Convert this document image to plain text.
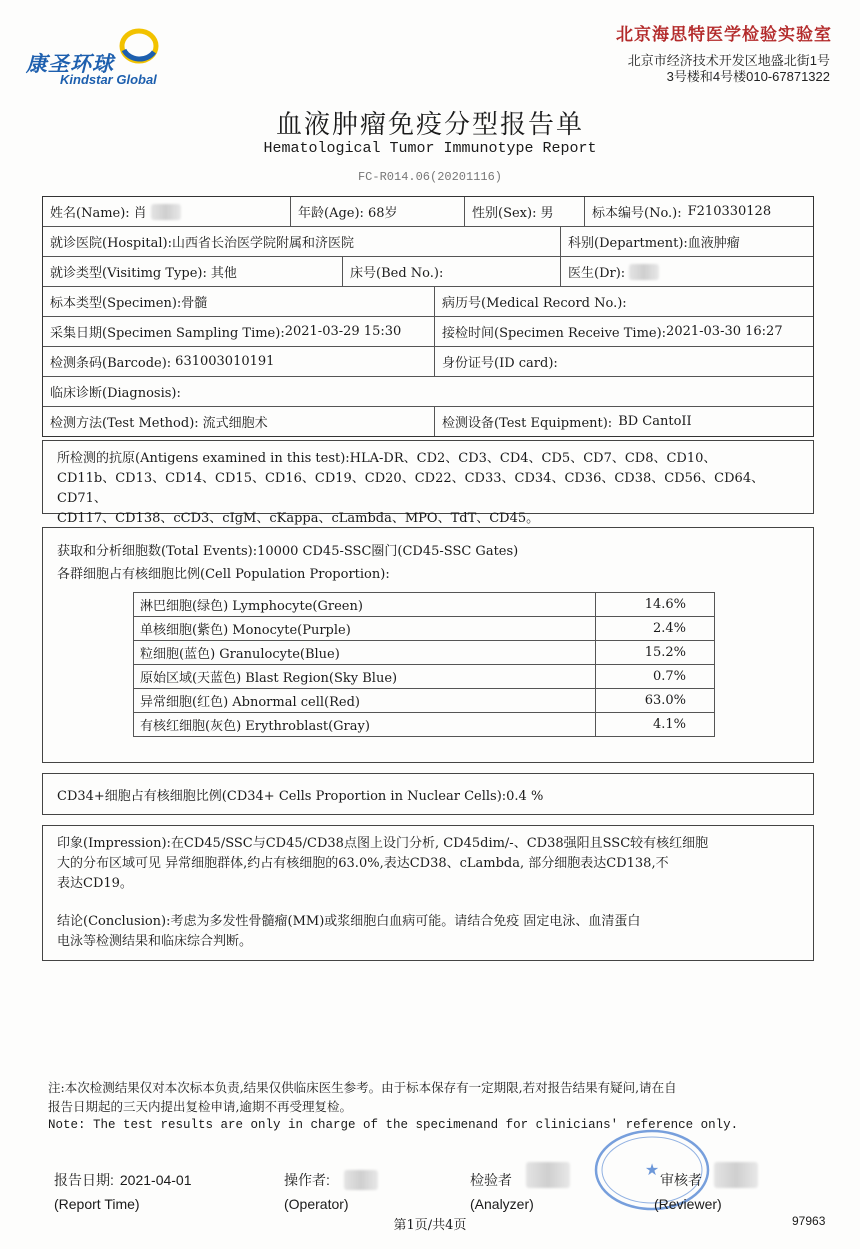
康圣环球
Kindstar Global
北京海思特医学检验实验室
北京市经济技术开发区地盛北街1号
3号楼和4号楼010-67871322
血液肿瘤免疫分型报告单
Hematological Tumor Immunotype Report
FC-R014.06(20201116)
姓名(Name): 肖	年龄(Age): 68岁	性别(Sex): 男	标本编号(No.): F210330128
就诊医院(Hospital): 山西省长治医学院附属和济医院	科别(Department): 血液肿瘤
就诊类型(Visitimg Type): 其他	床号(Bed No.):	医生(Dr):
标本类型(Specimen): 骨髓	病历号(Medical Record No.):
采集日期(Specimen Sampling Time): 2021-03-29 15:30	接检时间(Specimen Receive Time): 2021-03-30 16:27
检测条码(Barcode): 631003010191	身份证号(ID card):
临床诊断(Diagnosis):
检测方法(Test Method): 流式细胞术	检测设备(Test Equipment): BD CantoII
所检测的抗原(Antigens examined in this test):HLA-DR、CD2、CD3、CD4、CD5、CD7、CD8、CD10、
CD11b、CD13、CD14、CD15、CD16、CD19、CD20、CD22、CD33、CD34、CD36、CD38、CD56、CD64、CD71、
CD117、CD138、cCD3、cIgM、cKappa、cLambda、MPO、TdT、CD45。
获取和分析细胞数(Total Events):10000 CD45-SSC圈门(CD45-SSC Gates)
各群细胞占有核细胞比例(Cell Population Proportion):
淋巴细胞(绿色) Lymphocyte(Green)	14.6%
单核细胞(紫色) Monocyte(Purple)	2.4%
粒细胞(蓝色) Granulocyte(Blue)	15.2%
原始区域(天蓝色) Blast Region(Sky Blue)	0.7%
异常细胞(红色) Abnormal cell(Red)	63.0%
有核红细胞(灰色) Erythroblast(Gray)	4.1%
CD34+细胞占有核细胞比例(CD34+ Cells Proportion in Nuclear Cells):0.4 %
印象(Impression):在CD45/SSC与CD45/CD38点图上设门分析, CD45dim/-、CD38强阳且SSC较有核红细胞
大的分布区域可见 异常细胞群体,约占有核细胞的63.0%,表达CD38、cLambda, 部分细胞表达CD138,不
表达CD19。
结论(Conclusion):考虑为多发性骨髓瘤(MM)或浆细胞白血病可能。请结合免疫 固定电泳、血清蛋白
电泳等检测结果和临床综合判断。
注:本次检测结果仅对本次标本负责,结果仅供临床医生参考。由于标本保存有一定期限,若对报告结果有疑问,请在自
报告日期起的三天内提出复检申请,逾期不再受理复检。
Note: The test results are only in charge of the specimenand for clinicians' reference only.
★
报告日期: 2021-04-01
(Report Time)
操作者:
(Operator)
检验者
(Analyzer)
审核者
(Reviewer)
第1页/共4页	97963
